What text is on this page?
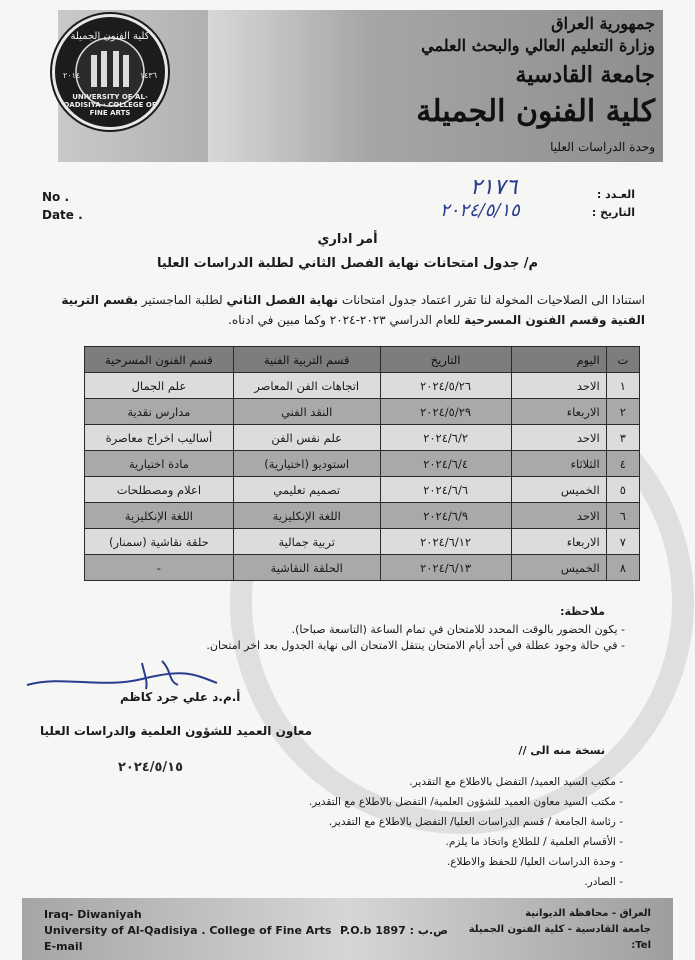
جمهورية العراق
وزارة التعليم العالي والبحث العلمي
جامعة القادسية
كلية الفنون الجميلة
وحدة الدراسات العليا
كلية الفنون الجميلة
٢٠١٤	١٤٣٦
UNIVERSITY OF AL-QADISIYA · COLLEGE OF FINE ARTS
No .
Date .
العـدد :
التاريخ :
٢١٧٦
٢٠٢٤/٥/١٥
أمر اداري
م/ جدول امتحانات نهاية الفصل الثاني لطلبة الدراسات العليا
استنادا الى الصلاحيات المخولة لنا تقرر اعتماد جدول امتحانات نهاية الفصل الثاني لطلبة الماجستير بقسم التربية الفنية وقسم الفنون المسرحية للعام الدراسي ٢٠٢٣-٢٠٢٤ وكما مبين في ادناه.
ت	اليوم	التاريخ	قسم التربية الفنية	قسم الفنون المسرحية
١	الاحد	٢٠٢٤/٥/٢٦	اتجاهات الفن المعاصر	علم الجمال
٢	الاربعاء	٢٠٢٤/٥/٢٩	النقد الفني	مدارس نقدية
٣	الاحد	٢٠٢٤/٦/٢	علم نفس الفن	أساليب اخراج معاصرة
٤	الثلاثاء	٢٠٢٤/٦/٤	استوديو (اختيارية)	مادة اختيارية
٥	الخميس	٢٠٢٤/٦/٦	تصميم تعليمي	اعلام ومصطلحات
٦	الاحد	٢٠٢٤/٦/٩	اللغة الإنكليزية	اللغة الإنكليزية
٧	الاربعاء	٢٠٢٤/٦/١٢	تربية جمالية	حلقة نقاشية (سمنار)
٨	الخميس	٢٠٢٤/٦/١٣	الحلقة النقاشية	-
ملاحظة:
- يكون الحضور بالوقت المحدد للامتحان في تمام الساعة (التاسعة صباحا).
- في حالة وجود عطلة في أحد أيام الامتحان ينتقل الامتحان الى نهاية الجدول بعد اخر امتحان.
أ.م.د علي جرد كاظم
معاون العميد للشؤون العلمية والدراسات العليا
٢٠٢٤/٥/١٥
نسخة منه الى //
- مكتب السيد العميد/ التفضل بالاطلاع مع التقدير.
- مكتب السيد معاون العميد للشؤون العلمية/ التفضل بالاطلاع مع التقدير.
- رئاسة الجامعة / قسم الدراسات العليا/ التفضل بالاطلاع مع التقدير.
- الأقسام العلمية / للطلاع واتخاذ ما يلزم.
- وحدة الدراسات العليا/ للحفظ والاطلاع.
- الصادر.
Iraq- Diwaniyah
University of Al-Qadisiya . College of Fine Arts
E-mail
P.O.b 1897 : ص.ب
العراق - محافظة الديوانية
جامعة القادسية - كلية الفنون الجميلة
Tel:
